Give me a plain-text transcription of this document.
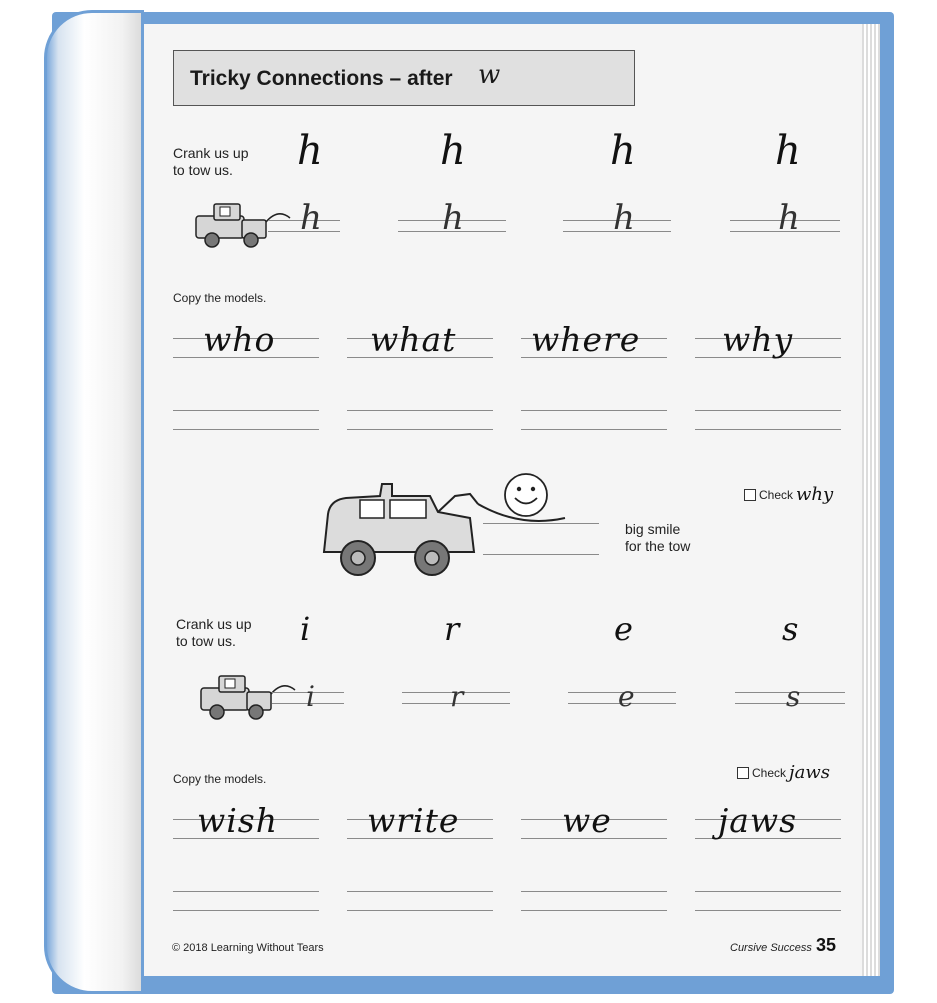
Tricky Connections – after w
Crank us up
to tow us.	h	h	h	h
h	h	h	h
Copy the models.
who	what where why
big smile
for the tow
Check why
Crank us up
to tow us.	i	r	e	s
i	r	e	s
Copy the models.	Check jaws
wish	write	we	jaws
© 2018 Learning Without Tears	Cursive Success 35
